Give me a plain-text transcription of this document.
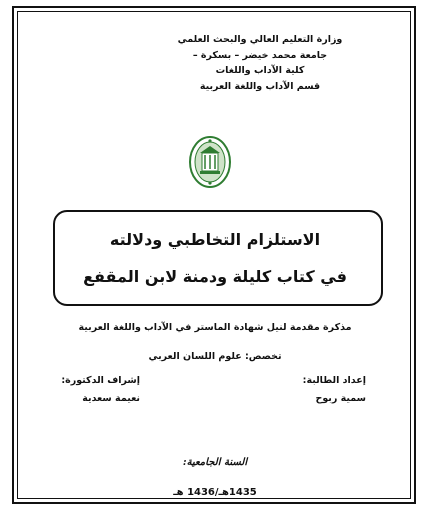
وزارة التعليم العالي والبحث العلمي
جامعة محمد خيضر – بسكرة –
كلية الآداب واللغات
قسم الآداب واللغة العربية
الاستلزام التخاطبي ودلالته
في كتاب كليلة ودمنة لابن المقفع
مذكرة مقدمة لنيل شهادة الماستر في الآداب واللغة العربية
تخصص: علوم اللسان العربي
إعداد الطالبة:
سمية ربوح
إشراف الدكتورة:
نعيمة سعدية
السنة الجامعية:
1435هـ/1436 هـ
